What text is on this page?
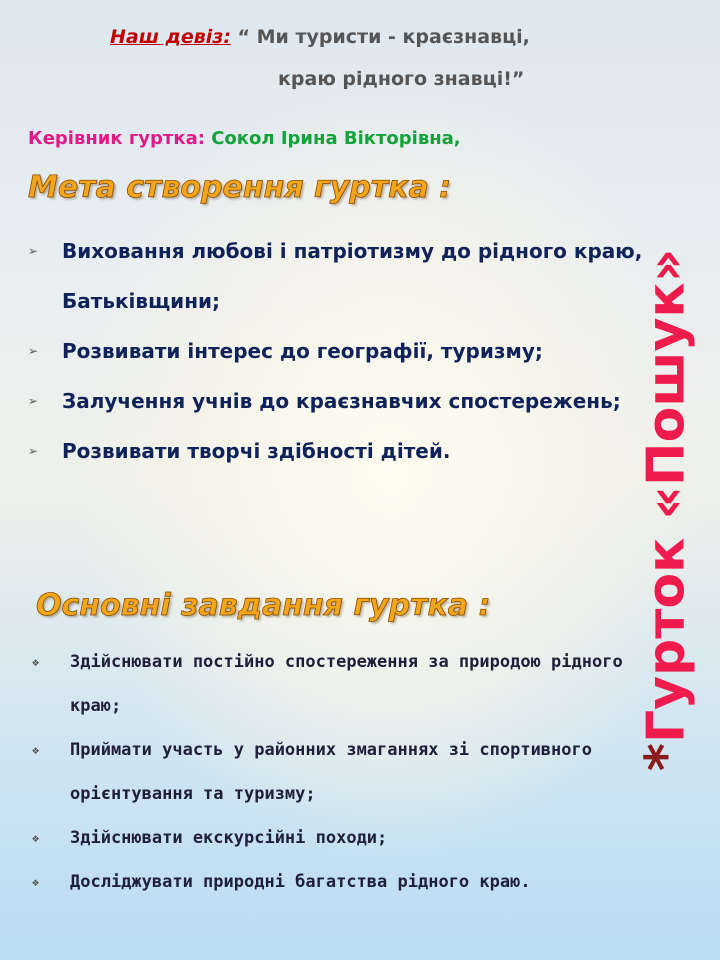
Наш девіз: “ Ми туристи - краєзнавці,
краю рідного знавці!”
Керівник гуртка: Сокол Ірина Вікторівна,
Мета створення гуртка :
➢ Виховання любові і патріотизму до рідного краю, Батьківщини;
➢ Розвивати інтерес до географії, туризму;
➢ Залучення учнів до краєзнавчих спостережень;
➢ Розвивати творчі здібності дітей.
Основні завдання гуртка :
❖ Здійснювати постійно спостереження за природою рідного краю;
❖ Приймати участь у районних змаганнях зі спортивного орієнтування та туризму;
❖ Здійснювати екскурсійні походи;
❖ Досліджувати природні багатства рідного краю.
*Гурток «Пошук»
